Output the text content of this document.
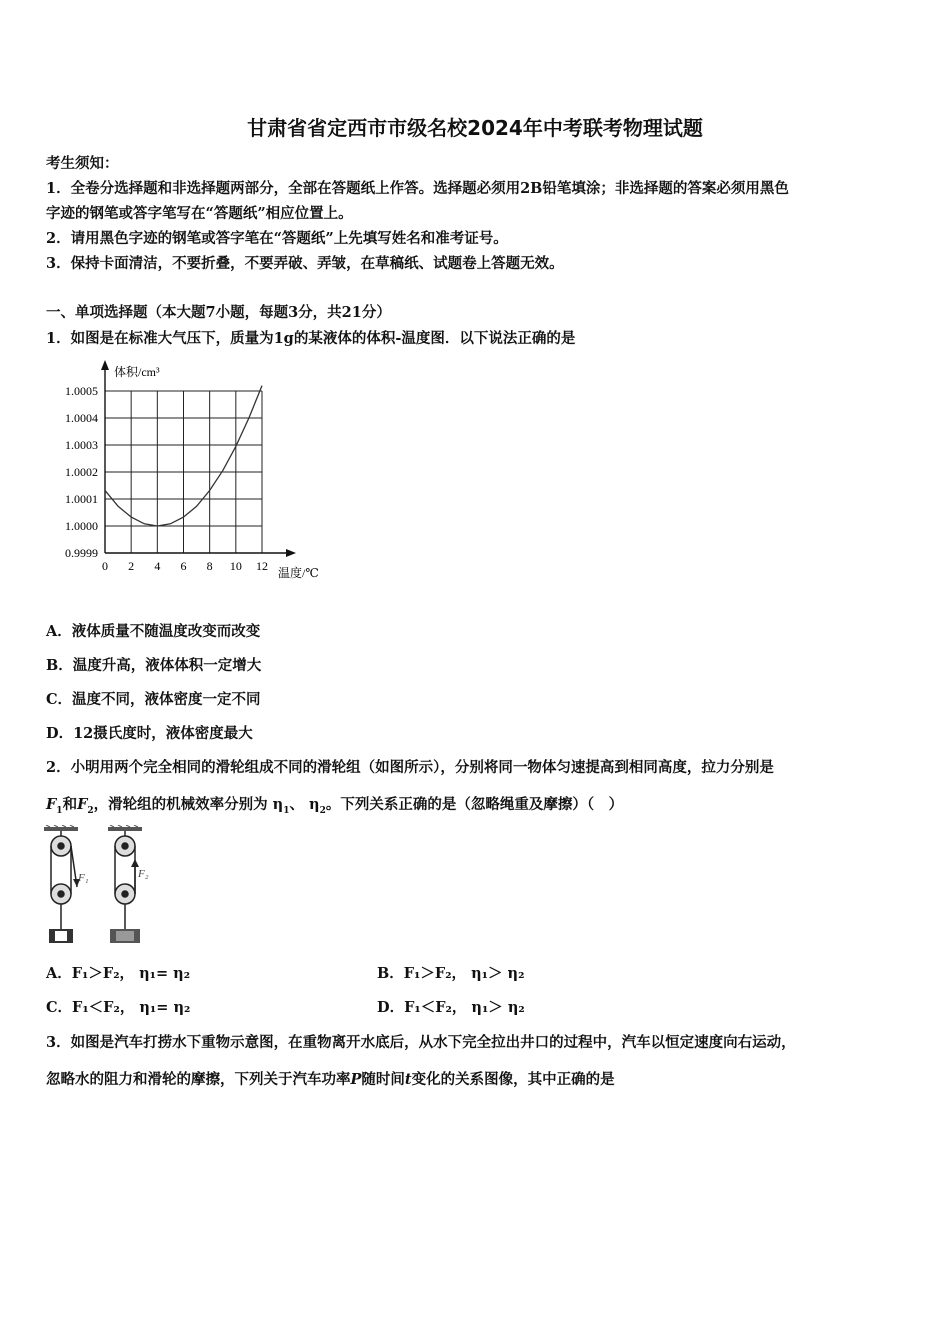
甘肃省省定西市市级名校2024年中考联考物理试题
考生须知：
1．全卷分选择题和非选择题两部分，全部在答题纸上作答。选择题必须用2B铅笔填涂；非选择题的答案必须用黑色
字迹的钢笔或答字笔写在“答题纸”相应位置上。
2．请用黑色字迹的钢笔或答字笔在“答题纸”上先填写姓名和准考证号。
3．保持卡面清洁，不要折叠，不要弄破、弄皱，在草稿纸、试题卷上答题无效。
一、单项选择题（本大题7小题，每题3分，共21分）
1．如图是在标准大气压下，质量为1g的某液体的体积-温度图．以下说法正确的是
0 2 4 6 8 10 12
0.9999
1.0000
1.0001
1.0002
1.0003
1.0004
1.0005
体积/cm³
温度/℃
A．液体质量不随温度改变而改变
B．温度升高，液体体积一定增大
C．温度不同，液体密度一定不同
D．12摄氏度时，液体密度最大
2．小明用两个完全相同的滑轮组成不同的滑轮组（如图所示），分别将同一物体匀速提高到相同高度，拉力分别是
$F_1$和$F_2$，滑轮组的机械效率分别为 $\eta_1$、 $\eta_2$。下列关系正确的是（忽略绳重及摩擦）（　）
F₁	F₂
A．F₁＞F₂， η₁= η₂	B．F₁＞F₂， η₁＞ η₂
C．F₁＜F₂， η₁= η₂	D．F₁＜F₂， η₁＞ η₂
3．如图是汽车打捞水下重物示意图，在重物离开水底后，从水下完全拉出井口的过程中，汽车以恒定速度向右运动，
忽略水的阻力和滑轮的摩擦，下列关于汽车功率P随时间t变化的关系图像，其中正确的是
